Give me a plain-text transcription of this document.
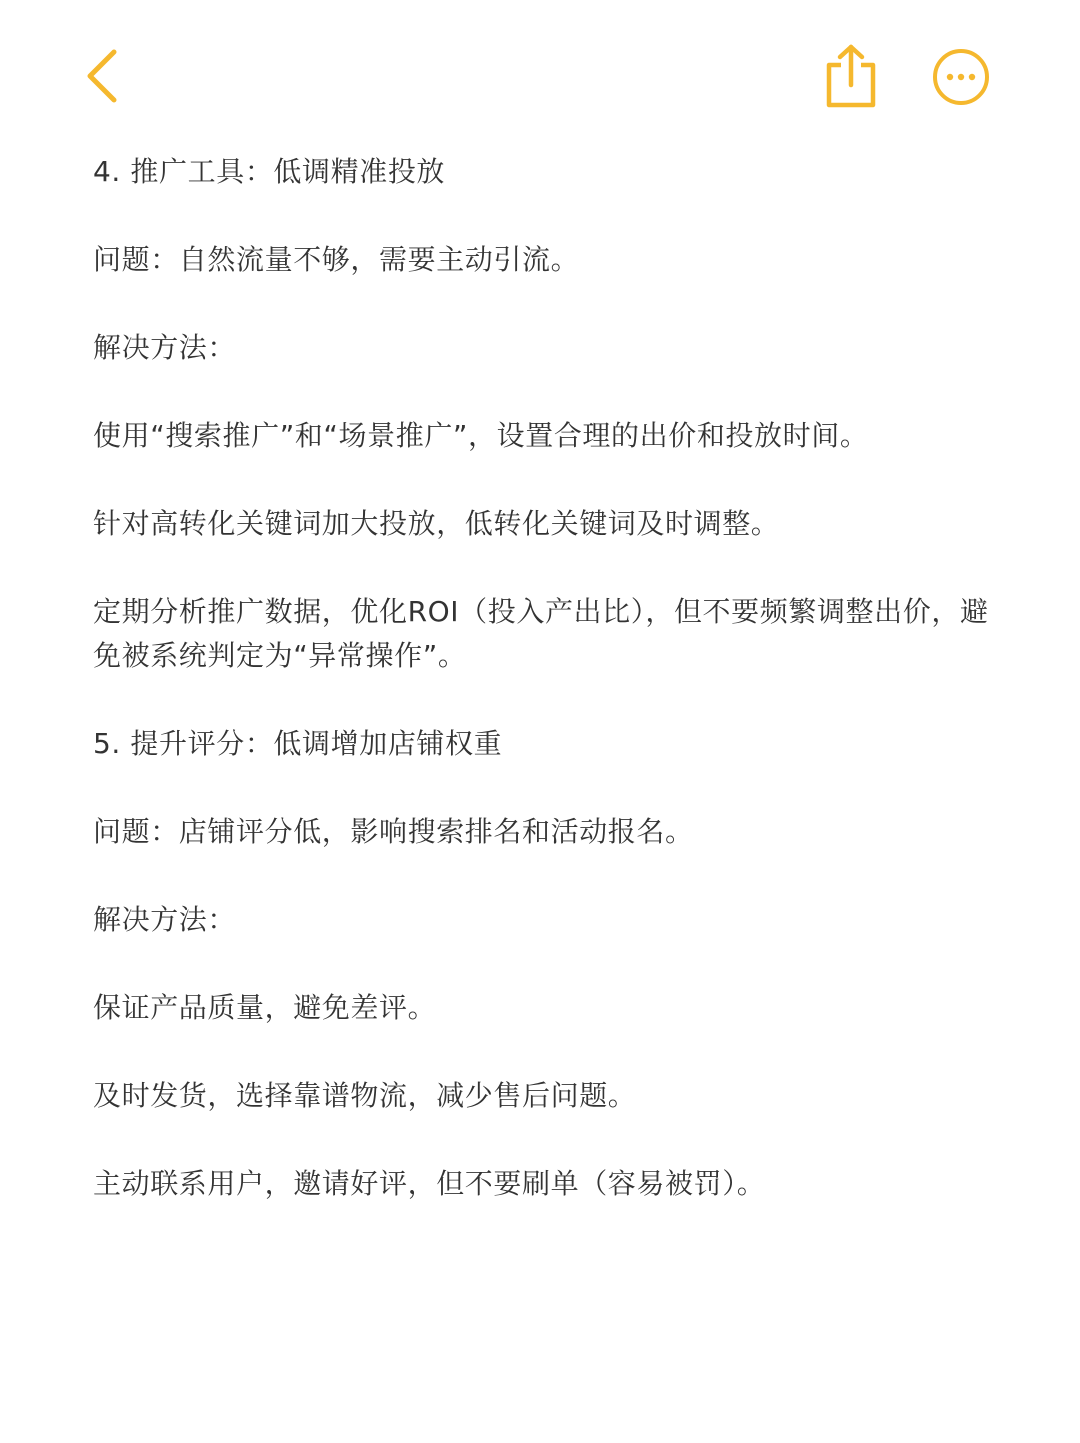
4. 推广工具：低调精准投放

问题：自然流量不够，需要主动引流。

解决方法：

使用“搜索推广”和“场景推广”，设置合理的出价和投放时间。

针对高转化关键词加大投放，低转化关键词及时调整。

定期分析推广数据，优化ROI（投入产出比），但不要频繁调整出价，避免被系统判定为“异常操作”。

5. 提升评分：低调增加店铺权重

问题：店铺评分低，影响搜索排名和活动报名。

解决方法：

保证产品质量，避免差评。

及时发货，选择靠谱物流，减少售后问题。

主动联系用户，邀请好评，但不要刷单（容易被罚）。
